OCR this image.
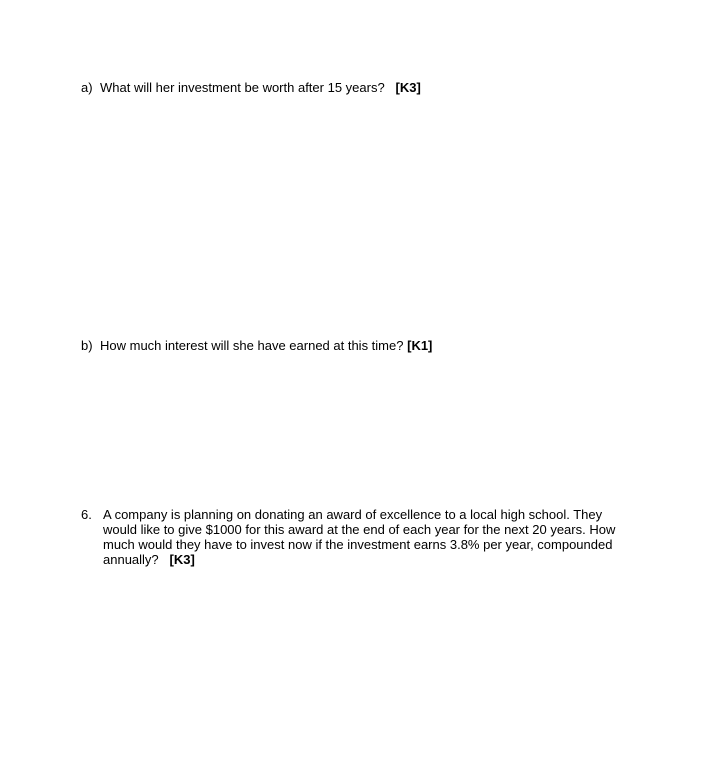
a) What will her investment be worth after 15 years? [K3]
b) How much interest will she have earned at this time? [K1]
6. A company is planning on donating an award of excellence to a local high school. They
would like to give $1000 for this award at the end of each year for the next 20 years. How
much would they have to invest now if the investment earns 3.8% per year, compounded
annually? [K3]
